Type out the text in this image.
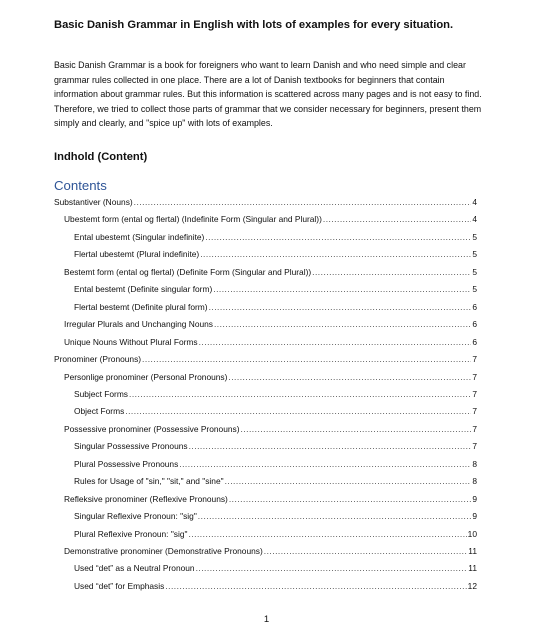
Basic Danish Grammar in English with lots of examples for every situation.
Basic Danish Grammar is a book for foreigners who want to learn Danish and who need simple and clear grammar rules collected in one place. There are a lot of Danish textbooks for beginners that contain information about grammar rules. But this information is scattered across many pages and is not easy to find. Therefore, we tried to collect those parts of grammar that we consider necessary for beginners, present them simply and clearly, and "spice up" with lots of examples.
Indhold (Content)
Contents
Substantiver (Nouns) .....	4
Ubestemt form (ental og flertal) (Indefinite Form (Singular and Plural)) .....	4
Ental ubestemt (Singular indefinite) .....	5
Flertal ubestemt (Plural indefinite) .....	5
Bestemt form (ental og flertal) (Definite Form (Singular and Plural)) .....	5
Ental bestemt (Definite singular form) .....	5
Flertal bestemt (Definite plural form) .....	6
Irregular Plurals and Unchanging Nouns .....	6
Unique Nouns Without Plural Forms .....	6
Pronominer (Pronouns) .....	7
Personlige pronominer (Personal Pronouns) .....	7
Subject Forms .....	7
Object Forms .....	7
Possessive pronominer (Possessive Pronouns) .....	7
Singular Possessive Pronouns .....	7
Plural Possessive Pronouns .....	8
Rules for Usage of "sin," "sit," and "sine" .....	8
Refleksive pronominer (Reflexive Pronouns) .....	9
Singular Reflexive Pronoun: "sig" .....	9
Plural Reflexive Pronoun: "sig" .....	10
Demonstrative pronominer (Demonstrative Pronouns) .....	11
Used “det” as a Neutral Pronoun .....	11
Used “det” for Emphasis .....	12
1
